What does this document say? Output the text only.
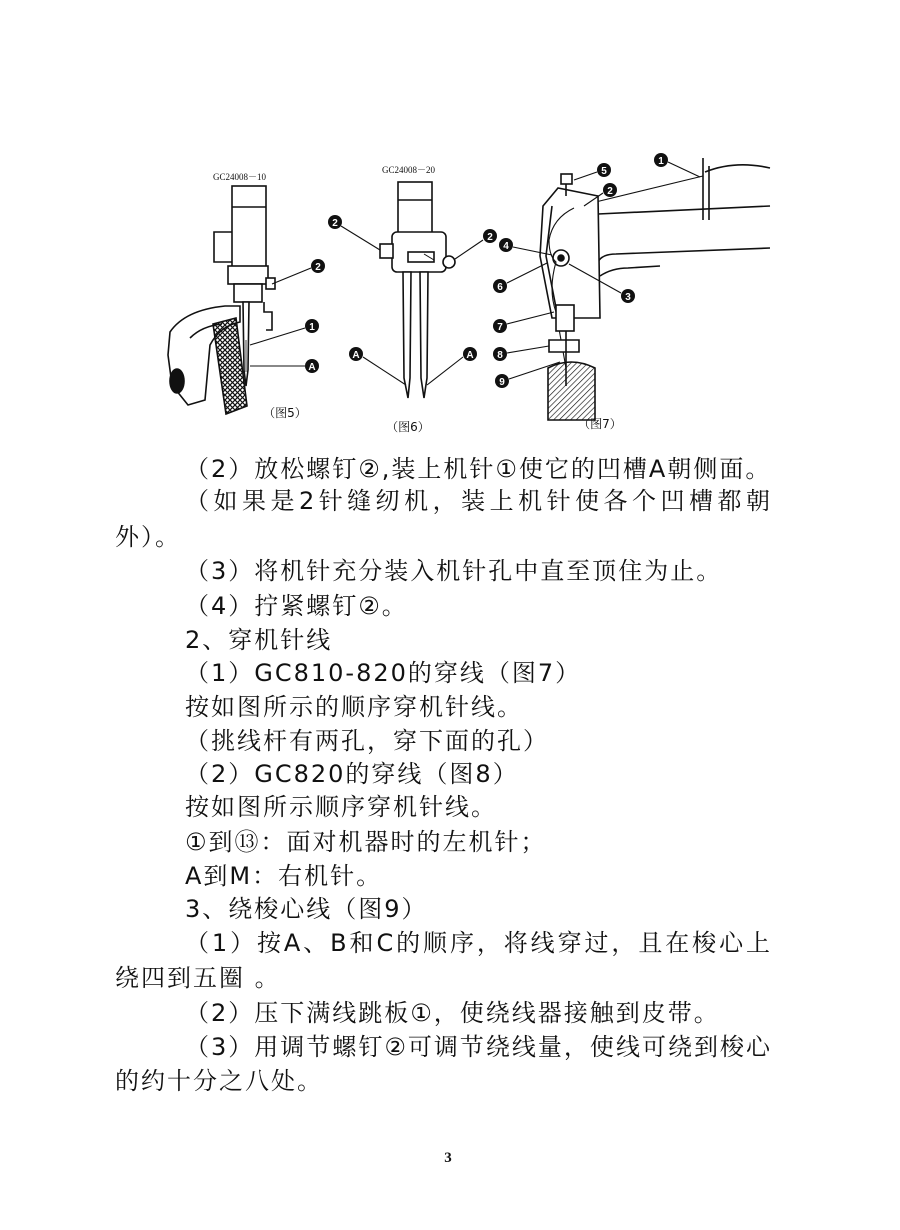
GC24008－10
2
1
A
（图5）
GC24008－20
2
2
A	A
（图6）
1
5
2
4
6
3
7
8
9
（图7）
（2）放松螺钉②,装上机针①使它的凹槽A朝侧面。
（如果是2针缝纫机，装上机针使各个凹槽都朝
外）。
（3）将机针充分装入机针孔中直至顶住为止。
（4）拧紧螺钉②。
2、穿机针线
（1）GC810-820的穿线（图7）
按如图所示的顺序穿机针线。
（挑线杆有两孔，穿下面的孔）
（2）GC820的穿线（图8）
按如图所示顺序穿机针线。
①到⑬：面对机器时的左机针；
A到M：右机针。
3、绕梭心线（图9）
（1）按A、B和C的顺序，将线穿过，且在梭心上
绕四到五圈 。
（2）压下满线跳板①，使绕线器接触到皮带。
（3）用调节螺钉②可调节绕线量，使线可绕到梭心
的约十分之八处。
3
